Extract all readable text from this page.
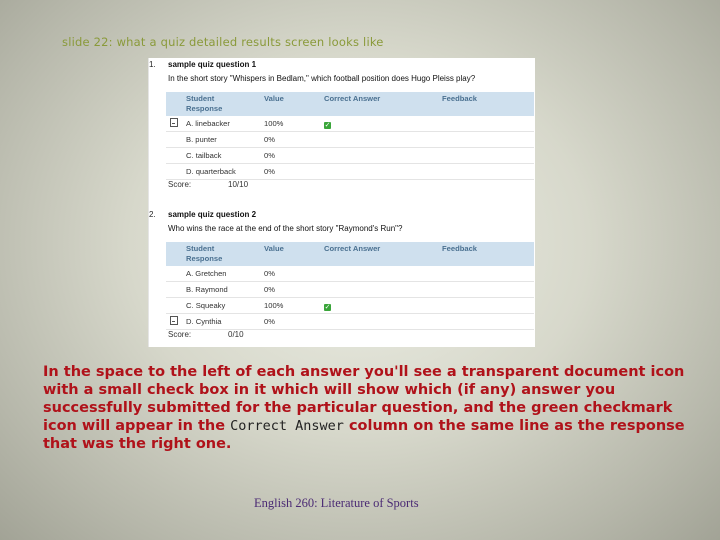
slide 22: what a quiz detailed results screen looks like
1. sample quiz question 1
In the short story "Whispers in Bedlam," which football position does Hugo Pleiss play?
	Student Response	Value	Correct Answer	Feedback
	A. linebacker	100%	✓	
	B. punter	0%		
	C. tailback	0%		
	D. quarterback	0%		
Score:	10/10
2. sample quiz question 2
Who wins the race at the end of the short story "Raymond's Run"?
	Student Response	Value	Correct Answer	Feedback
	A. Gretchen	0%		
	B. Raymond	0%		
	C. Squeaky	100%	✓	
	D. Cynthia	0%		
Score:	0/10
In the space to the left of each answer you'll see a transparent document icon with a small check box in it which will show which (if any) answer you successfully submitted for the particular question, and the green checkmark icon will appear in the Correct Answer column on the same line as the response that was the right one.
English 260: Literature of Sports
